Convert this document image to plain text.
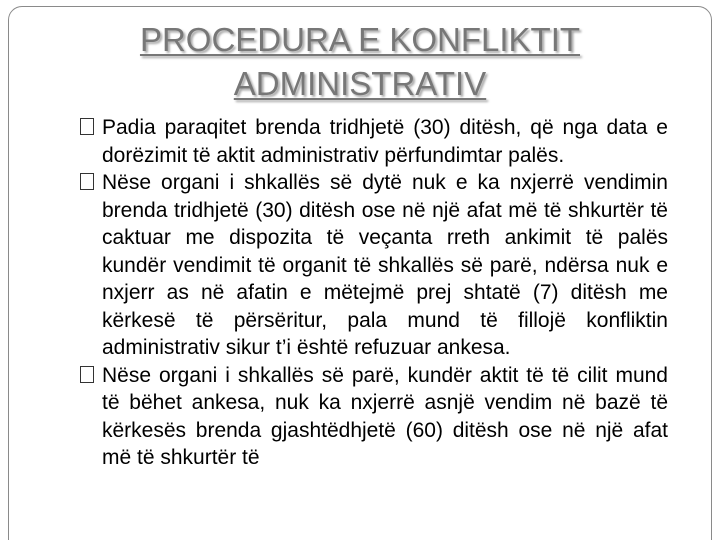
PROCEDURA E KONFLIKTIT
ADMINISTRATIV
Padia paraqitet brenda tridhjetë (30) ditësh, që nga data e dorëzimit të aktit administrativ përfundimtar palës.
Nëse organi i shkallës së dytë nuk e ka nxjerrë vendimin brenda tridhjetë (30) ditësh ose në një afat më të shkurtër të caktuar me dispozita të veçanta rreth ankimit të palës kundër vendimit të organit të shkallës së parë, ndërsa nuk e nxjerr as në afatin e mëtejmë prej shtatë (7) ditësh me kërkesë të përsëritur, pala mund të fillojë konfliktin administrativ sikur t’i është refuzuar ankesa.
Nëse organi i shkallës së parë, kundër aktit të të cilit mund të bëhet ankesa, nuk ka nxjerrë asnjë vendim në bazë të kërkesës brenda gjashtëdhjetë (60) ditësh ose në një afat më të shkurtër të
